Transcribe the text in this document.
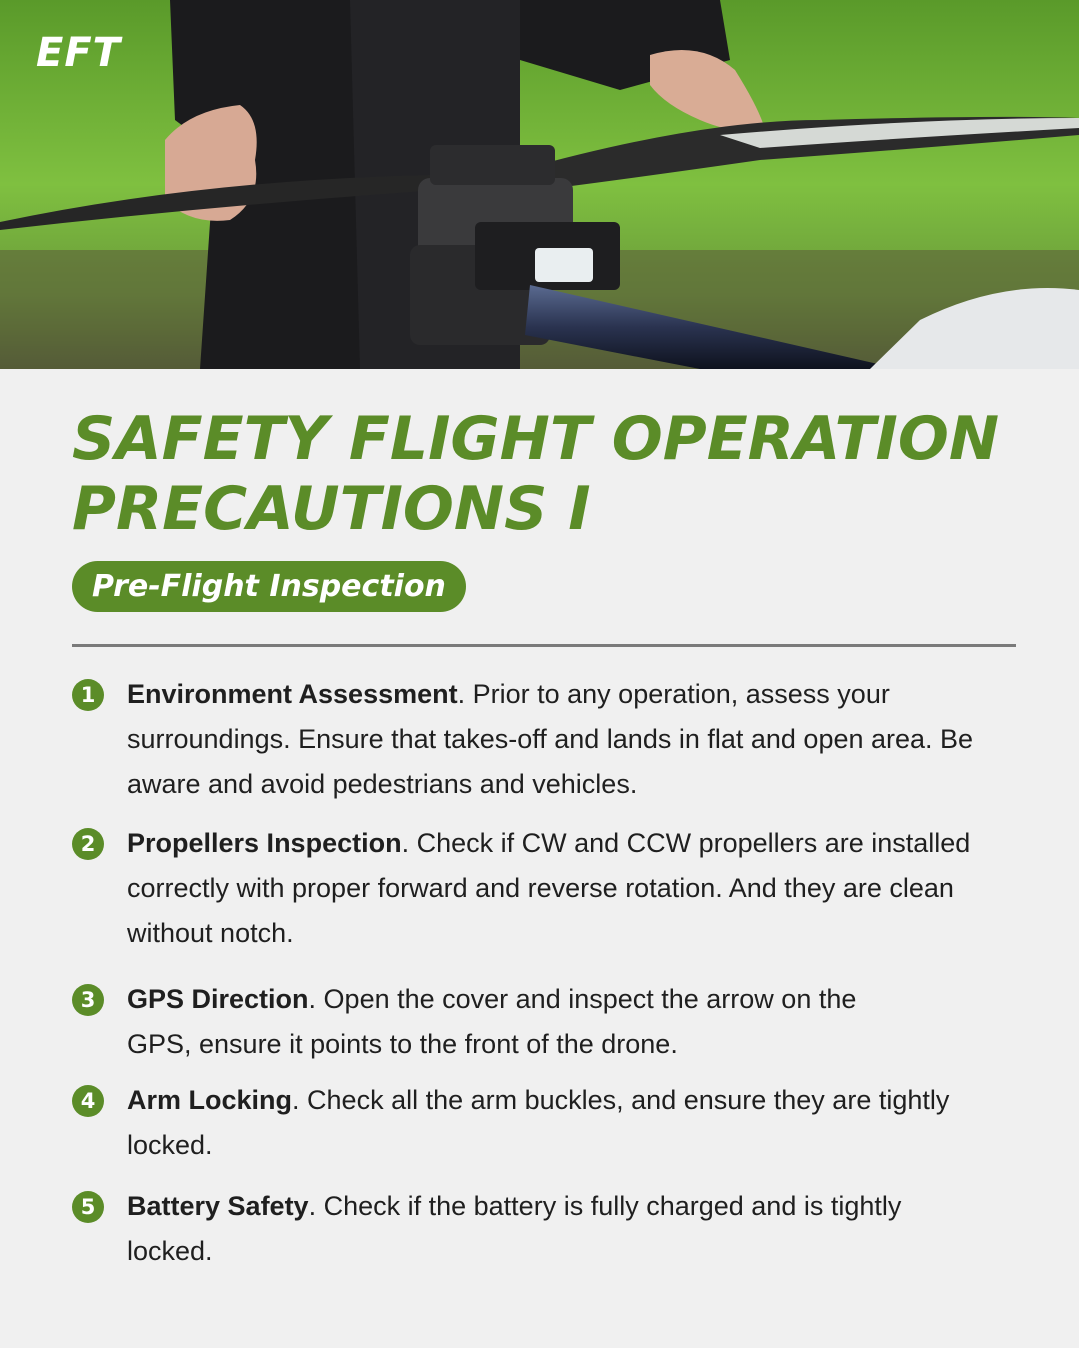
EFT
SAFETY FLIGHT OPERATION
PRECAUTIONS I
Pre-Flight Inspection
1	Environment Assessment. Prior to any operation, assess your surroundings. Ensure that takes-off and lands in flat and open area. Be aware and avoid pedestrians and vehicles.
2	Propellers Inspection. Check if CW and CCW propellers are installed correctly with proper forward and reverse rotation. And they are clean without notch.
3	GPS Direction. Open the cover and inspect the arrow on the GPS, ensure it points to the front of the drone.
4	Arm Locking. Check all the arm buckles, and ensure they are tightly locked.
5	Battery Safety. Check if the battery is fully charged and is tightly locked.
